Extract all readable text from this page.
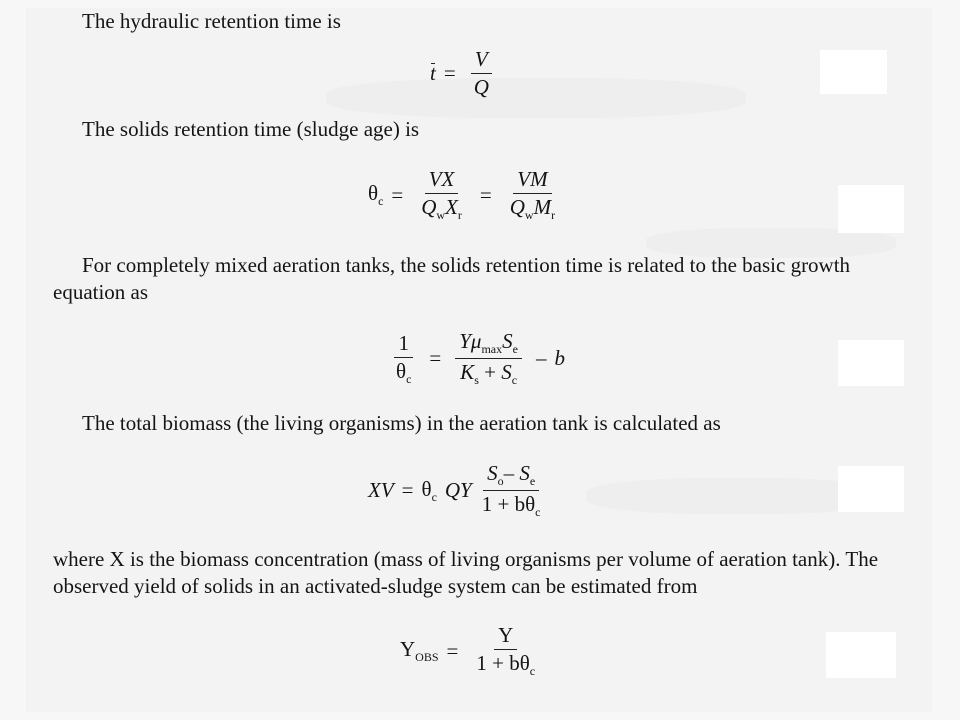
The hydraulic retention time is

$t = \frac{V}{Q}$

The solids retention time (sludge age) is

$\theta_c = \frac{VX}{Q_wX_r} = \frac{VM}{Q_wM_r}$

For completely mixed aeration tanks, the solids retention time is related to the basic growth equation as

$\frac{1}{\theta_c} = \frac{Y\mu_{max}S_e}{K_s + S_c} - b$

The total biomass (the living organisms) in the aeration tank is calculated as

XV = $\theta_c$ QY $\frac{S_o- S_e}{1 + b\theta_c}$

where X is the biomass concentration (mass of living organisms per volume of aeration tank). The observed yield of solids in an activated-sludge system can be estimated from

$Y_{OBS} = \frac{Y}{1 + b\theta_c}$
